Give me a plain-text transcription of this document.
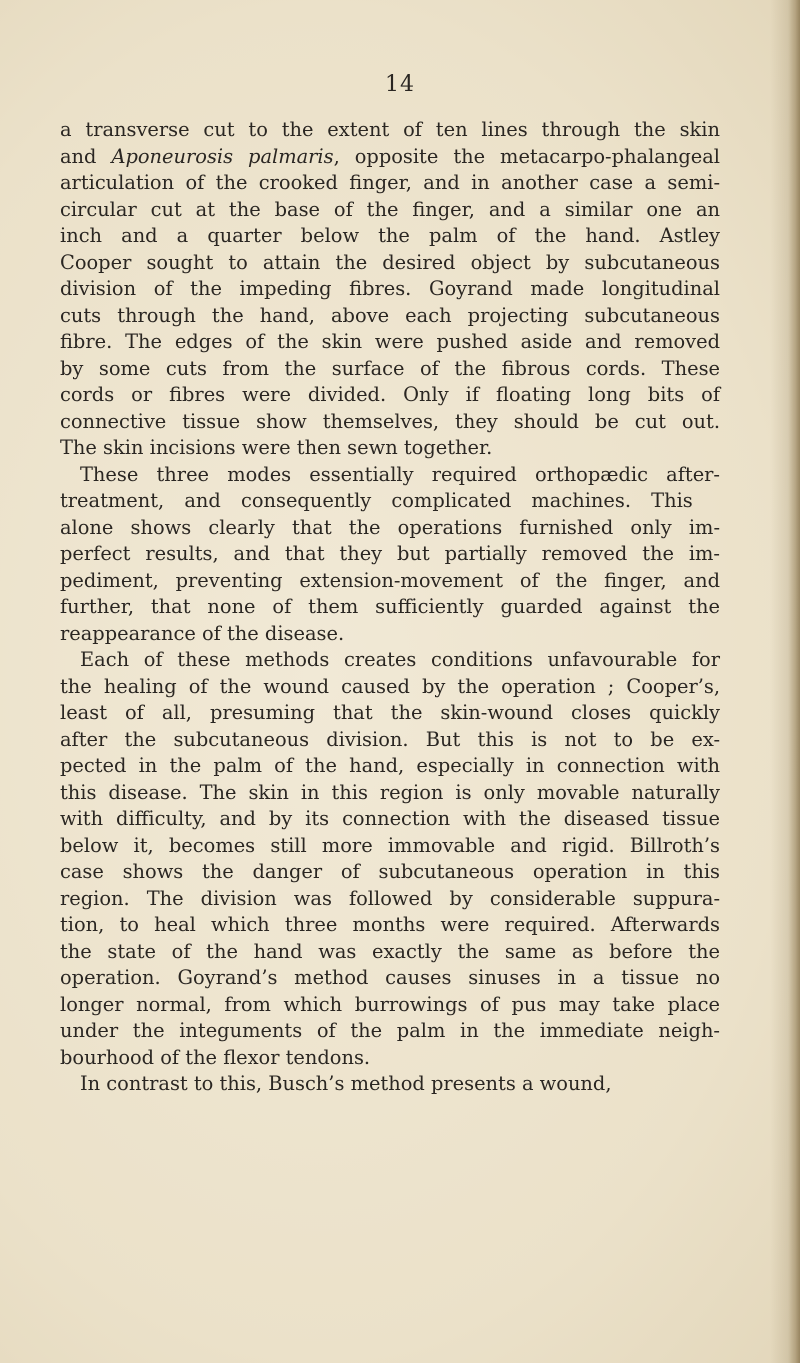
14
a transverse cut to the extent of ten lines through the skin
and Aponeurosis palmaris, opposite the metacarpo-phalangeal
articulation of the crooked finger, and in another case a semi-
circular cut at the base of the finger, and a similar one an
inch and a quarter below the palm of the hand. Astley
Cooper sought to attain the desired object by subcutaneous
division of the impeding fibres. Goyrand made longitudinal
cuts through the hand, above each projecting subcutaneous
fibre. The edges of the skin were pushed aside and removed
by some cuts from the surface of the fibrous cords. These
cords or fibres were divided. Only if floating long bits of
connective tissue show themselves, they should be cut out.
The skin incisions were then sewn together.
These three modes essentially required orthopædic after-
treatment, and consequently complicated machines. This
alone shows clearly that the operations furnished only im-
perfect results, and that they but partially removed the im-
pediment, preventing extension-movement of the finger, and
further, that none of them sufficiently guarded against the
reappearance of the disease.
Each of these methods creates conditions unfavourable for
the healing of the wound caused by the operation ; Cooper’s,
least of all, presuming that the skin-wound closes quickly
after the subcutaneous division. But this is not to be ex-
pected in the palm of the hand, especially in connection with
this disease. The skin in this region is only movable naturally
with difficulty, and by its connection with the diseased tissue
below it, becomes still more immovable and rigid. Billroth’s
case shows the danger of subcutaneous operation in this
region. The division was followed by considerable suppura-
tion, to heal which three months were required. Afterwards
the state of the hand was exactly the same as before the
operation. Goyrand’s method causes sinuses in a tissue no
longer normal, from which burrowings of pus may take place
under the integuments of the palm in the immediate neigh-
bourhood of the flexor tendons.
In contrast to this, Busch’s method presents a wound,
